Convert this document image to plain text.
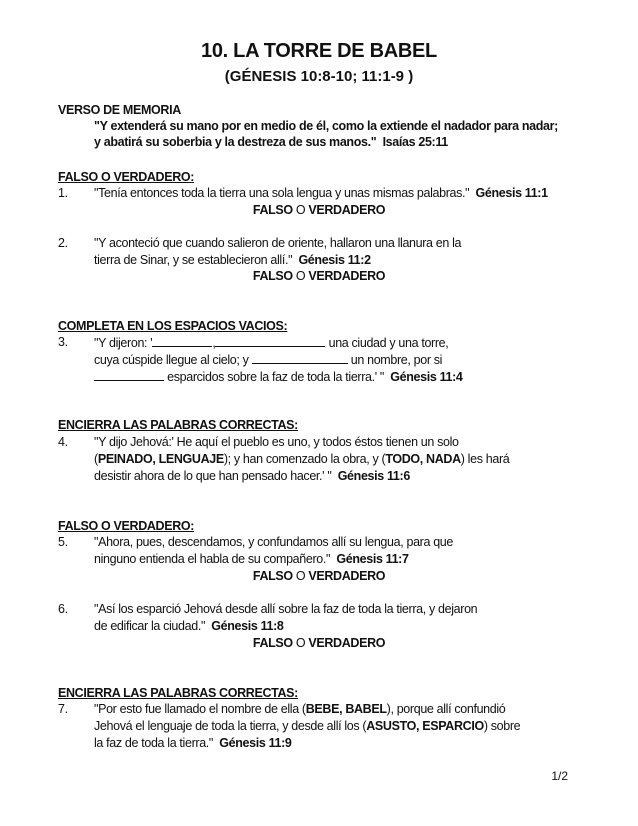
10. LA TORRE DE BABEL
(GÉNESIS 10:8-10; 11:1-9 )
VERSO DE MEMORIA
"Y extenderá su mano por en medio de él, como la extiende el nadador para nadar;
y abatirá su soberbia y la destreza de sus manos." Isaías 25:11
FALSO O VERDADERO:
1. "Tenía entonces toda la tierra una sola lengua y unas mismas palabras." Génesis 11:1
FALSO O VERDADERO
2. "Y aconteció que cuando salieron de oriente, hallaron una llanura en la
tierra de Sinar, y se establecieron allí." Génesis 11:2
FALSO O VERDADERO
COMPLETA EN LOS ESPACIOS VACIOS:
3. "Y dijeron: '	,	una ciudad y una torre,
cuya cúspide llegue al cielo; y	un nombre, por si
esparcidos sobre la faz de toda la tierra.' " Génesis 11:4
ENCIERRA LAS PALABRAS CORRECTAS:
4. "Y dijo Jehová:' He aquí el pueblo es uno, y todos éstos tienen un solo
(PEINADO, LENGUAJE); y han comenzado la obra, y (TODO, NADA) les hará
desistir ahora de lo que han pensado hacer.' " Génesis 11:6
FALSO O VERDADERO:
5. "Ahora, pues, descendamos, y confundamos allí su lengua, para que
ninguno entienda el habla de su compañero." Génesis 11:7
FALSO O VERDADERO
6. "Así los esparció Jehová desde allí sobre la faz de toda la tierra, y dejaron
de edificar la ciudad." Génesis 11:8
FALSO O VERDADERO
ENCIERRA LAS PALABRAS CORRECTAS:
7. "Por esto fue llamado el nombre de ella (BEBE, BABEL), porque allí confundió
Jehová el lenguaje de toda la tierra, y desde allí los (ASUSTO, ESPARCIO) sobre
la faz de toda la tierra." Génesis 11:9
1/2
